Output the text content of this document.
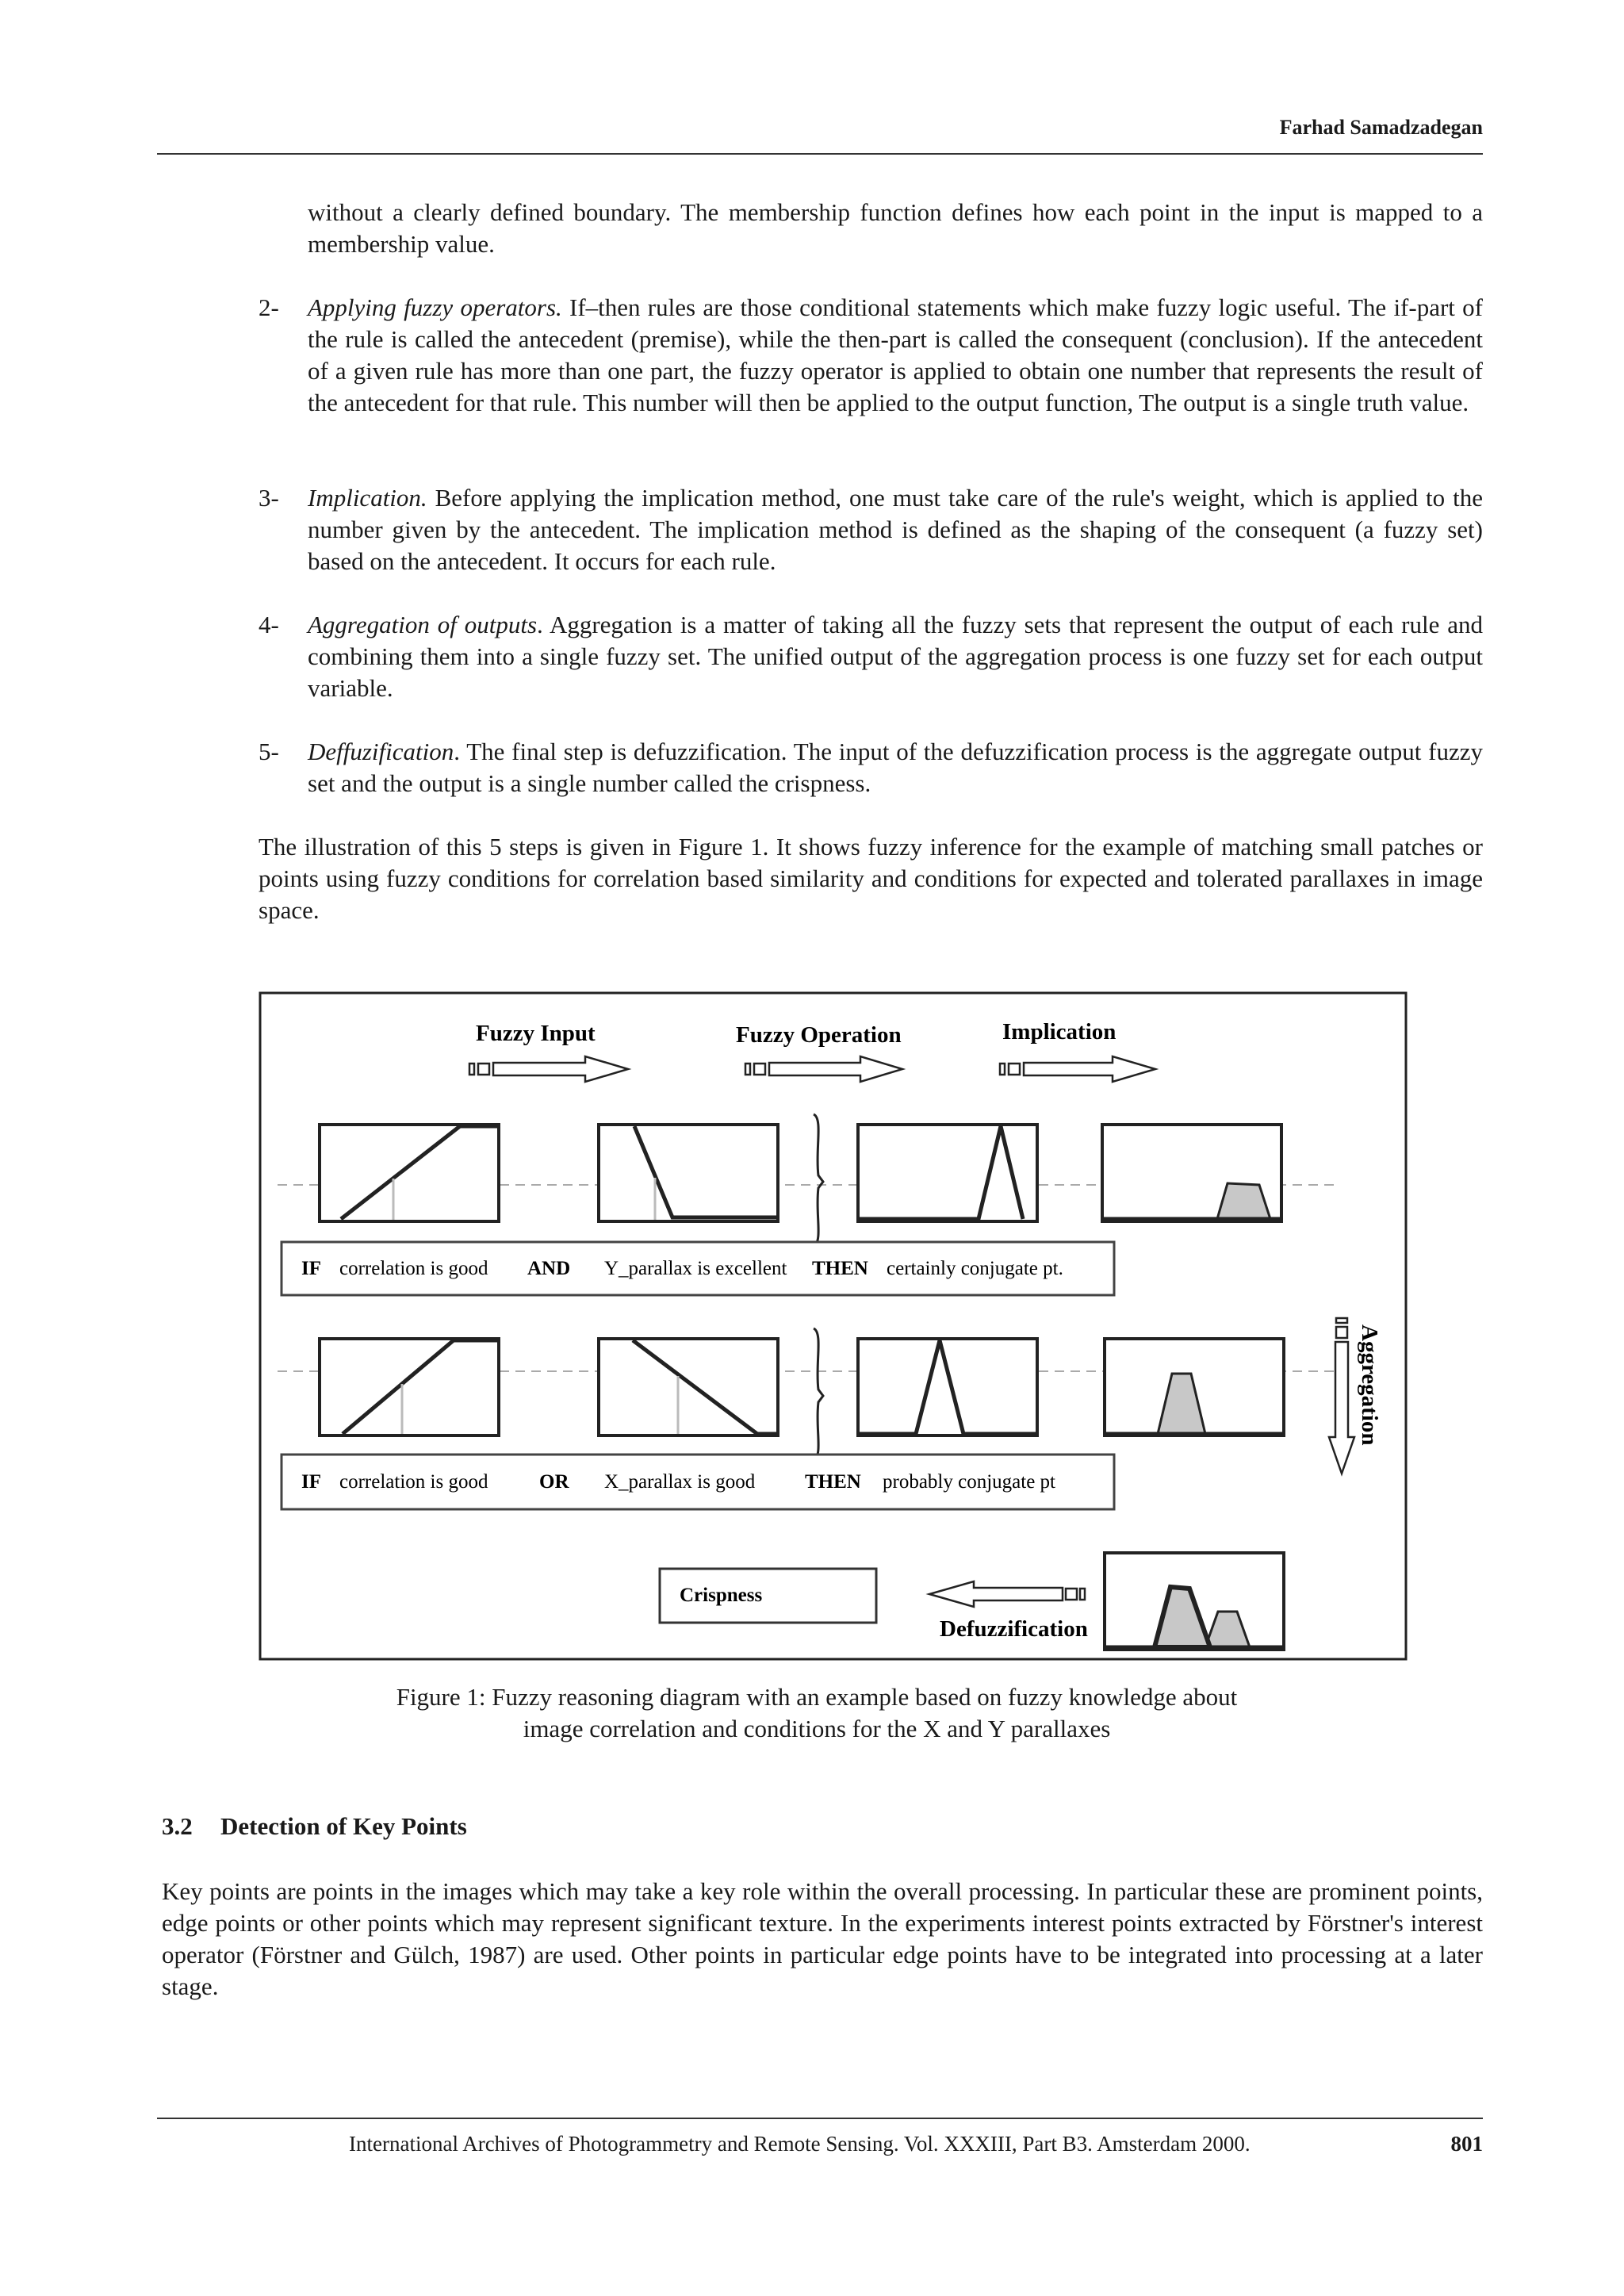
Farhad Samadzadegan
without a clearly defined boundary. The membership function defines how each point in the input is mapped to a membership value.
2- Applying fuzzy operators. If–then rules are those conditional statements which make fuzzy logic useful. The if-part of the rule is called the antecedent (premise), while the then-part is called the consequent (conclusion). If the antecedent of a given rule has more than one part, the fuzzy operator is applied to obtain one number that represents the result of the antecedent for that rule. This number will then be applied to the output function, The output is a single truth value.
3- Implication. Before applying the implication method, one must take care of the rule's weight, which is applied to the number given by the antecedent. The implication method is defined as the shaping of the consequent (a fuzzy set) based on the antecedent. It occurs for each rule.
4- Aggregation of outputs. Aggregation is a matter of taking all the fuzzy sets that represent the output of each rule and combining them into a single fuzzy set. The unified output of the aggregation process is one fuzzy set for each output variable.
5- Deffuzification. The final step is defuzzification. The input of the defuzzification process is the aggregate output fuzzy set and the output is a single number called the crispness.
The illustration of this 5 steps is given in Figure 1. It shows fuzzy inference for the example of matching small patches or points using fuzzy conditions for correlation based similarity and conditions for expected and tolerated parallaxes in image space.
Fuzzy Input	Fuzzy Operation	Implication
IF correlation is good AND Y_parallax is excellent THEN certainly conjugate pt.
IF correlation is good	OR X_parallax is good	THEN probably conjugate pt
Aggregation
Crispness
Defuzzification
Figure 1: Fuzzy reasoning diagram with an example based on fuzzy knowledge about
image correlation and conditions for the X and Y parallaxes
3.2 Detection of Key Points
Key points are points in the images which may take a key role within the overall processing. In particular these are prominent points, edge points or other points which may represent significant texture. In the experiments interest points extracted by Förstner's interest operator (Förstner and Gülch, 1987) are used. Other points in particular edge points have to be integrated into processing at a later stage.
International Archives of Photogrammetry and Remote Sensing. Vol. XXXIII, Part B3. Amsterdam 2000.	801
